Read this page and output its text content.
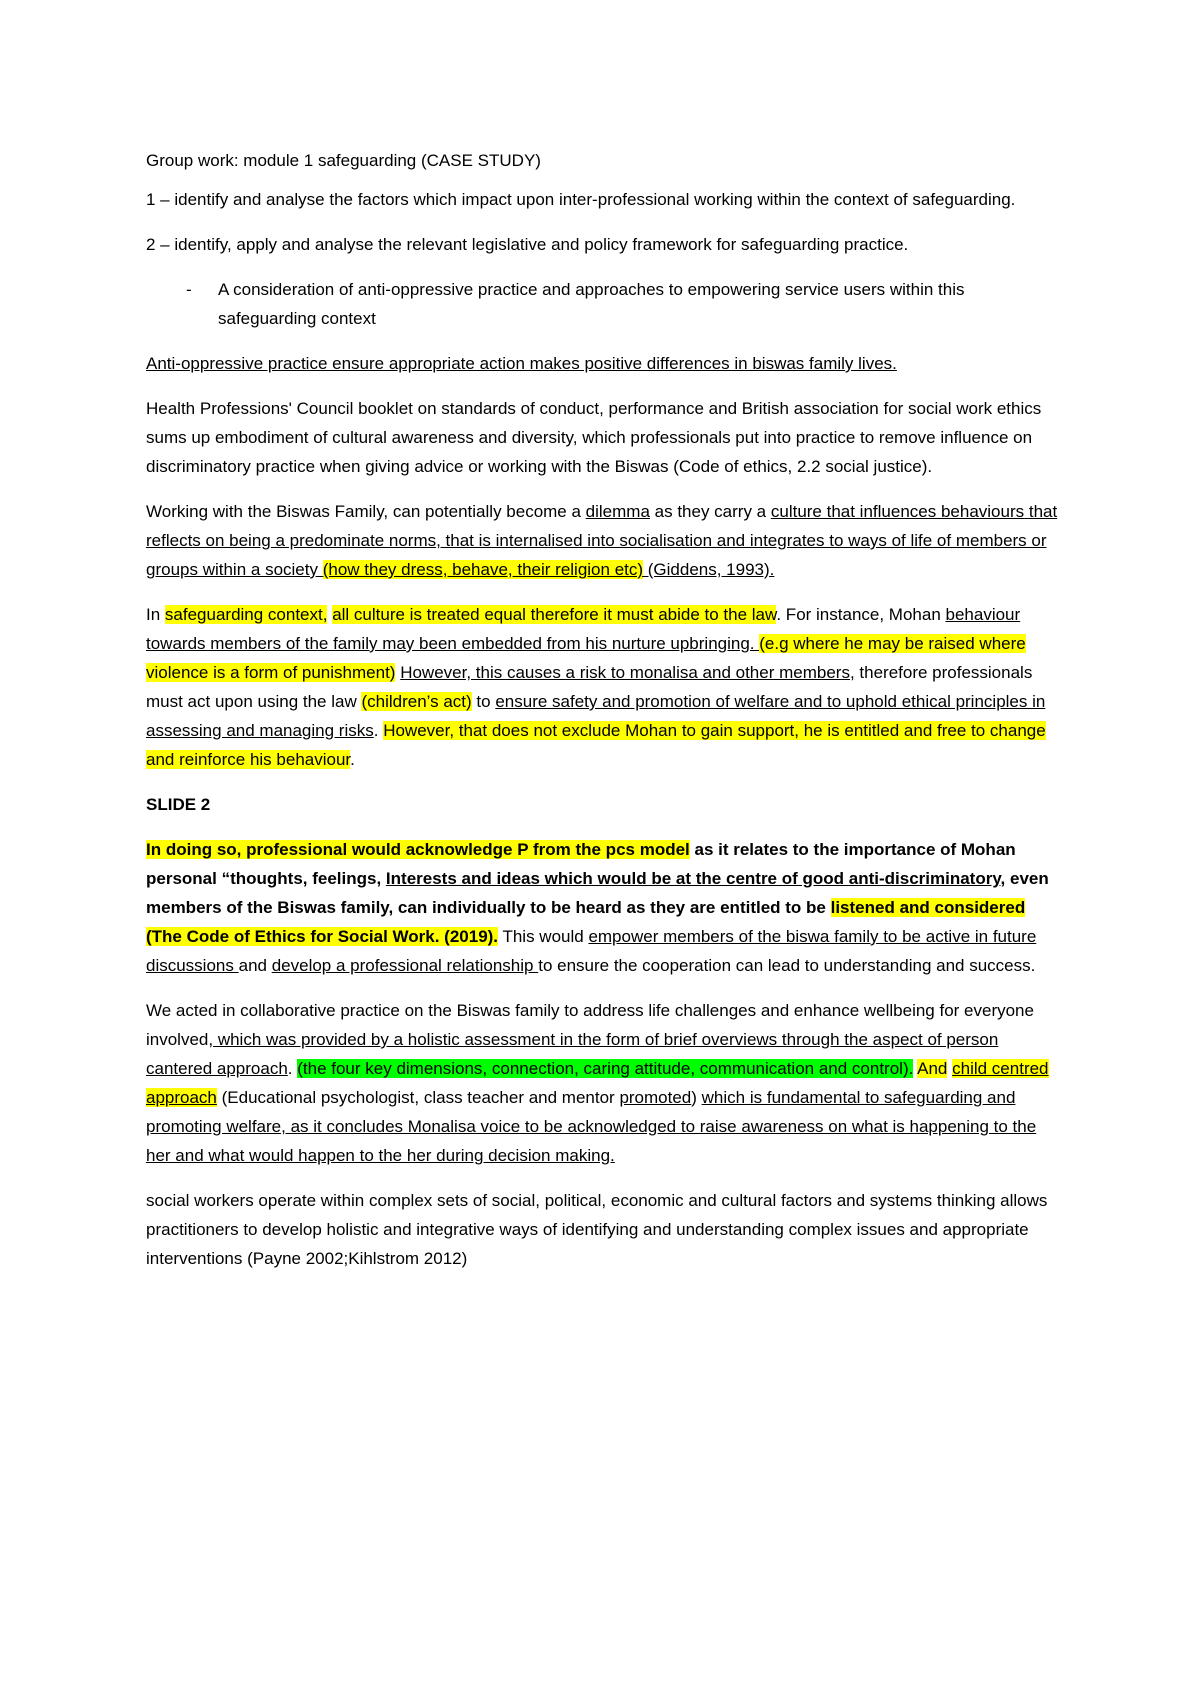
Group work: module 1 safeguarding (CASE STUDY)

1 – identify and analyse the factors which impact upon inter-professional working within the context of safeguarding.

2 – identify, apply and analyse the relevant legislative and policy framework for safeguarding practice.

-	A consideration of anti-oppressive practice and approaches to empowering service users within this safeguarding context

Anti-oppressive practice ensure appropriate action makes positive differences in biswas family lives.

Health Professions' Council booklet on standards of conduct, performance and British association for social work ethics sums up embodiment of cultural awareness and diversity, which professionals put into practice to remove influence on discriminatory practice when giving advice or working with the Biswas (Code of ethics, 2.2 social justice).

Working with the Biswas Family, can potentially become a dilemma as they carry a culture that influences behaviours that reflects on being a predominate norms, that is internalised into socialisation and integrates to ways of life of members or groups within a society (how they dress, behave, their religion etc) (Giddens, 1993).

In safeguarding context, all culture is treated equal therefore it must abide to the law. For instance, Mohan behaviour towards members of the family may been embedded from his nurture upbringing. (e.g where he may be raised where violence is a form of punishment) However, this causes a risk to monalisa and other members, therefore professionals must act upon using the law (children’s act) to ensure safety and promotion of welfare and to uphold ethical principles in assessing and managing risks. However, that does not exclude Mohan to gain support, he is entitled and free to change and reinforce his behaviour.

SLIDE 2

In doing so, professional would acknowledge P from the pcs model as it relates to the importance of Mohan personal “thoughts, feelings, Interests and ideas which would be at the centre of good anti-discriminatory, even members of the Biswas family, can individually to be heard as they are entitled to be listened and considered (The Code of Ethics for Social Work. (2019). This would empower members of the biswa family to be active in future discussions and develop a professional relationship to ensure the cooperation can lead to understanding and success.

We acted in collaborative practice on the Biswas family to address life challenges and enhance wellbeing for everyone involved, which was provided by a holistic assessment in the form of brief overviews through the aspect of person cantered approach. (the four key dimensions, connection, caring attitude, communication and control). And child centred approach (Educational psychologist, class teacher and mentor promoted) which is fundamental to safeguarding and promoting welfare, as it concludes Monalisa voice to be acknowledged to raise awareness on what is happening to the her and what would happen to the her during decision making.

social workers operate within complex sets of social, political, economic and cultural factors and systems thinking allows practitioners to develop holistic and integrative ways of identifying and understanding complex issues and appropriate interventions (Payne 2002;Kihlstrom 2012)
